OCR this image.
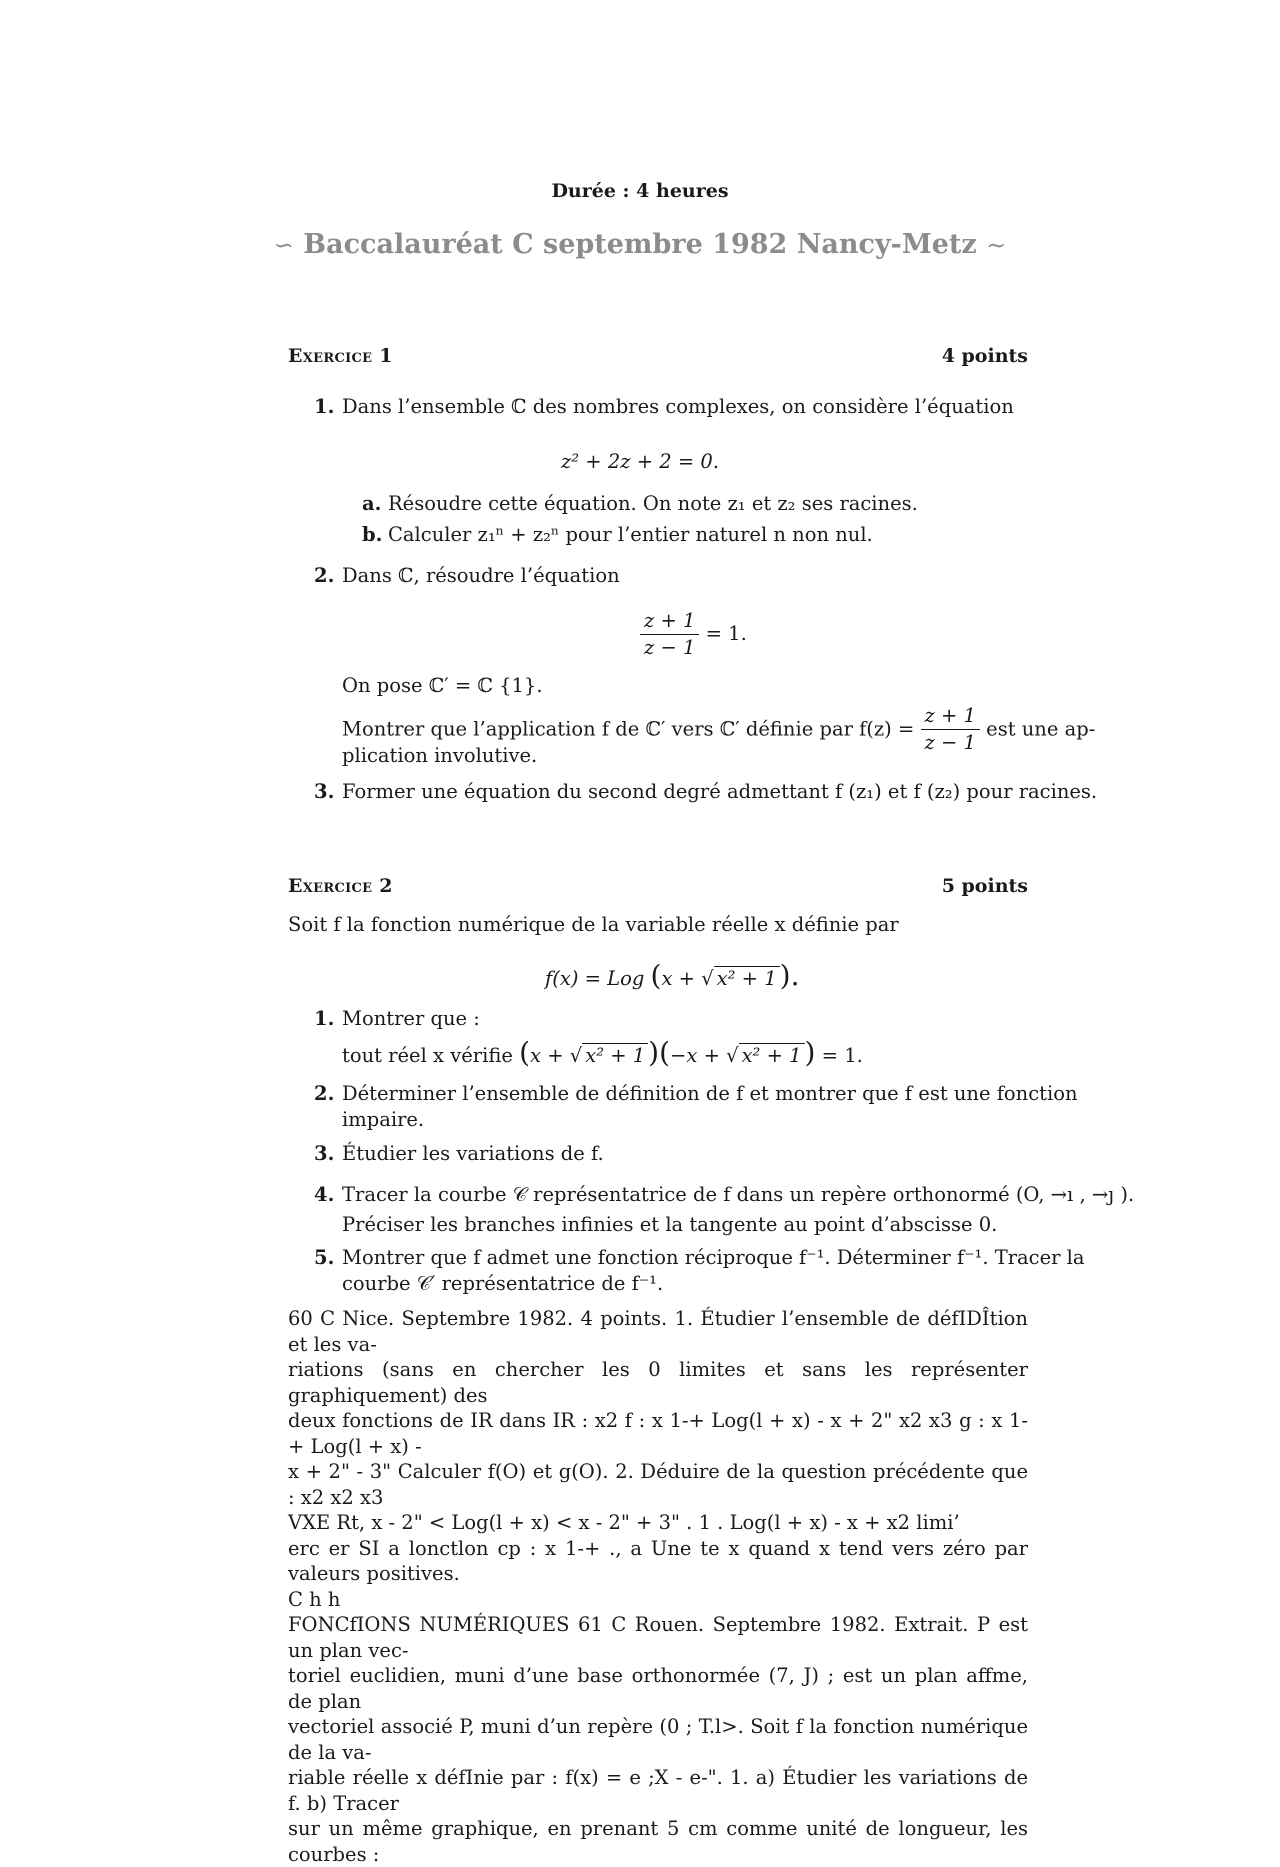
Durée : 4 heures
∽ Baccalauréat C septembre 1982 Nancy-Metz ∼
Exercice 1	4 points
1. Dans l’ensemble ℂ des nombres complexes, on considère l’équation
z² + 2z + 2 = 0.
a. Résoudre cette équation. On note z₁ et z₂ ses racines.
b. Calculer z₁ⁿ + z₂ⁿ pour l’entier naturel n non nul.
2. Dans ℂ, résoudre l’équation
$\frac{z + 1}{z - 1} = 1$.
On pose ℂ′ = ℂ {1}.
Montrer que l’application f de ℂ′ vers ℂ′ définie par $f(z) = \frac{z + 1}{z - 1}$ est une ap-
plication involutive.
3. Former une équation du second degré admettant f (z₁) et f (z₂) pour racines.
Exercice 2	5 points
Soit f la fonction numérique de la variable réelle x définie par
f(x) = Log (x + √ x² + 1 ).
1. Montrer que :
tout réel x vérifie (x + √ x² + 1 )(−x + √ x² + 1 ) = 1.
2. Déterminer l’ensemble de définition de f et montrer que f est une fonction
impaire.
3. Étudier les variations de f.
4. Tracer la courbe 𝒞 représentatrice de f dans un repère orthonormé (O, →ı , →ȷ ).
Préciser les branches infinies et la tangente au point d’abscisse 0.
5. Montrer que f admet une fonction réciproque f⁻¹. Déterminer f⁻¹. Tracer la
courbe 𝒞′ représentatrice de f⁻¹.
60 C Nice. Septembre 1982. 4 points. 1. Étudier l’ensemble de défIDÎtion et les va-
riations (sans en chercher les 0 limites et sans les représenter graphiquement) des
deux fonctions de IR dans IR : x2 f : x 1-+ Log(l + x) - x + 2" x2 x3 g : x 1-+ Log(l + x) -
x + 2" - 3" Calculer f(O) et g(O). 2. Déduire de la question précédente que : x2 x2 x3
VXE Rt, x - 2" < Log(l + x) < x - 2" + 3" . 1 . Log(l + x) - x + x2 limi’
erc er SI a lonctlon cp : x 1-+ ., a Une te x quand x tend vers zéro par valeurs positives.
C h h
FONCfIONS NUMÉRIQUES 61 C Rouen. Septembre 1982. Extrait. P est un plan vec-
toriel euclidien, muni d’une base orthonormée (7, J) ; est un plan affme, de plan
vectoriel associé P, muni d’un repère (0 ; T.l>. Soit f la fonction numérique de la va-
riable réelle x défInie par : f(x) = e ;X - e-". 1. a) Étudier les variations de f. b) Tracer
sur un même graphique, en prenant 5 cm comme unité de longueur, les courbes :
